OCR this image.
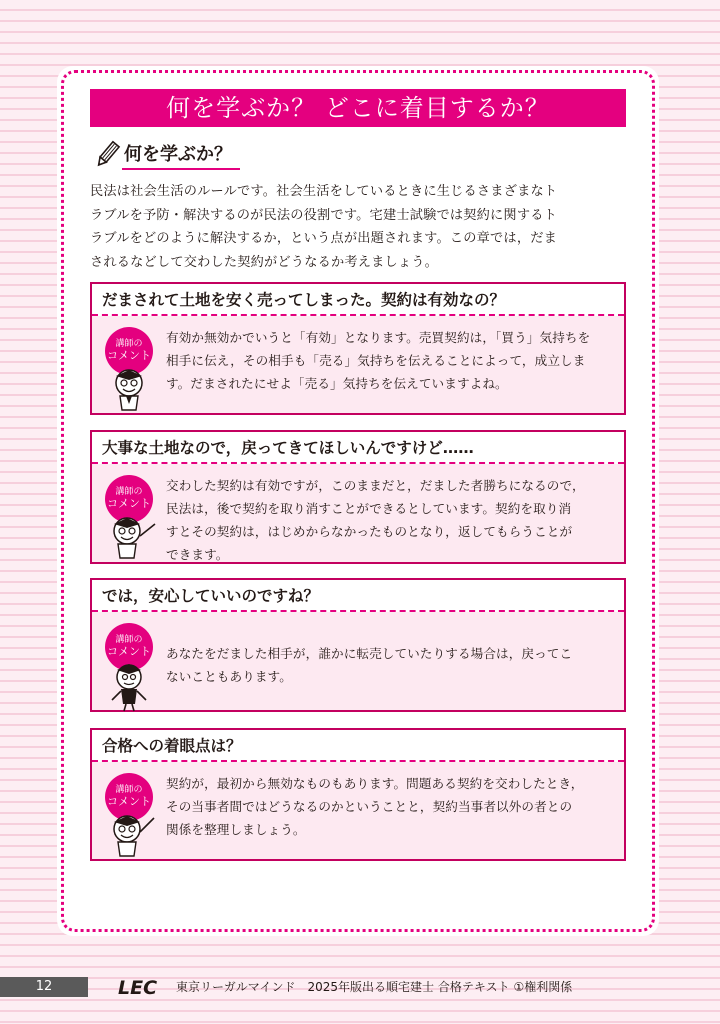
何を学ぶか？ どこに着目するか？
何を学ぶか？
民法は社会生活のルールです。社会生活をしているときに生じるさまざまなト
ラブルを予防・解決するのが民法の役割です。宅建士試験では契約に関するト
ラブルをどのように解決するか，という点が出題されます。この章では，だま
されるなどして交わした契約がどうなるか考えましょう。
だまされて土地を安く売ってしまった。契約は有効なの？
講師の
コメント
有効か無効かでいうと「有効」となります。売買契約は，「買う」気持ちを
相手に伝え，その相手も「売る」気持ちを伝えることによって，成立しま
す。だまされたにせよ「売る」気持ちを伝えていますよね。
大事な土地なので，戻ってきてほしいんですけど……
講師の
コメント
交わした契約は有効ですが，このままだと，だました者勝ちになるので，
民法は，後で契約を取り消すことができるとしています。契約を取り消
すとその契約は，はじめからなかったものとなり，返してもらうことが
できます。
では，安心していいのですね？
講師の
コメント あなたをだました相手が，誰かに転売していたりする場合は，戻ってこ
ないこともあります。
合格への着眼点は？
講師の
コメント
契約が，最初から無効なものもあります。問題ある契約を交わしたとき，
その当事者間ではどうなるのかということと，契約当事者以外の者との
関係を整理しましょう。
12	LEC 東京リーガルマインド　2025年版出る順宅建士 合格テキスト ①権利関係
